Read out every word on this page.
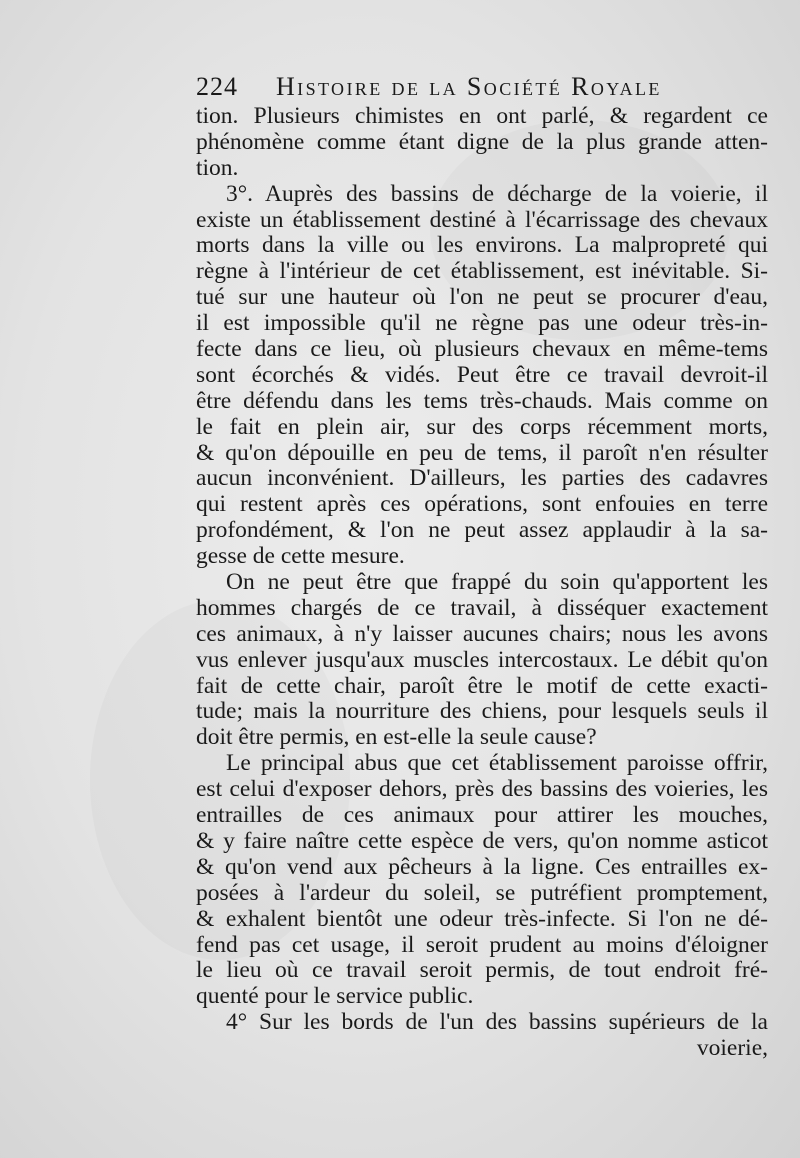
224 Histoire de la Société Royale
tion. Plusieurs chimistes en ont parlé, & regardent ce
phénomène comme étant digne de la plus grande atten-
tion.
3°. Auprès des bassins de décharge de la voierie, il
existe un établissement destiné à l'écarrissage des chevaux
morts dans la ville ou les environs. La malpropreté qui
règne à l'intérieur de cet établissement, est inévitable. Si-
tué sur une hauteur où l'on ne peut se procurer d'eau,
il est impossible qu'il ne règne pas une odeur très-in-
fecte dans ce lieu, où plusieurs chevaux en même-tems
sont écorchés & vidés. Peut être ce travail devroit-il
être défendu dans les tems très-chauds. Mais comme on
le fait en plein air, sur des corps récemment morts,
& qu'on dépouille en peu de tems, il paroît n'en résulter
aucun inconvénient. D'ailleurs, les parties des cadavres
qui restent après ces opérations, sont enfouies en terre
profondément, & l'on ne peut assez applaudir à la sa-
gesse de cette mesure.
On ne peut être que frappé du soin qu'apportent les
hommes chargés de ce travail, à disséquer exactement
ces animaux, à n'y laisser aucunes chairs; nous les avons
vus enlever jusqu'aux muscles intercostaux. Le débit qu'on
fait de cette chair, paroît être le motif de cette exacti-
tude; mais la nourriture des chiens, pour lesquels seuls il
doit être permis, en est-elle la seule cause?
Le principal abus que cet établissement paroisse offrir,
est celui d'exposer dehors, près des bassins des voieries, les
entrailles de ces animaux pour attirer les mouches,
& y faire naître cette espèce de vers, qu'on nomme asticot
& qu'on vend aux pêcheurs à la ligne. Ces entrailles ex-
posées à l'ardeur du soleil, se putréfient promptement,
& exhalent bientôt une odeur très-infecte. Si l'on ne dé-
fend pas cet usage, il seroit prudent au moins d'éloigner
le lieu où ce travail seroit permis, de tout endroit fré-
quenté pour le service public.
4° Sur les bords de l'un des bassins supérieurs de la
voierie,
